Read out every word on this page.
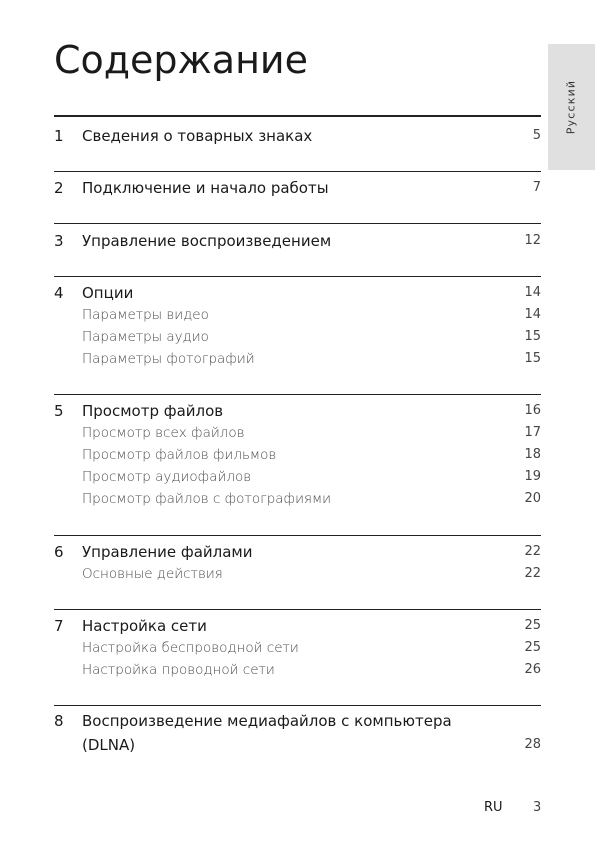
Содержание
Русский
1 Сведения о товарных знаках	5
2 Подключение и начало работы	7
3 Управление воспроизведением	12
4 Опции	14
Параметры видео	14
Параметры аудио	15
Параметры фотографий	15
5 Просмотр файлов	16
Просмотр всех файлов	17
Просмотр файлов фильмов	18
Просмотр аудиофайлов	19
Просмотр файлов с фотографиями	20
6 Управление файлами	22
Основные действия	22
7 Настройка сети	25
Настройка беспроводной сети	25
Настройка проводной сети	26
8 Воспроизведение медиафайлов с компьютера
(DLNA)	28
RU 3
